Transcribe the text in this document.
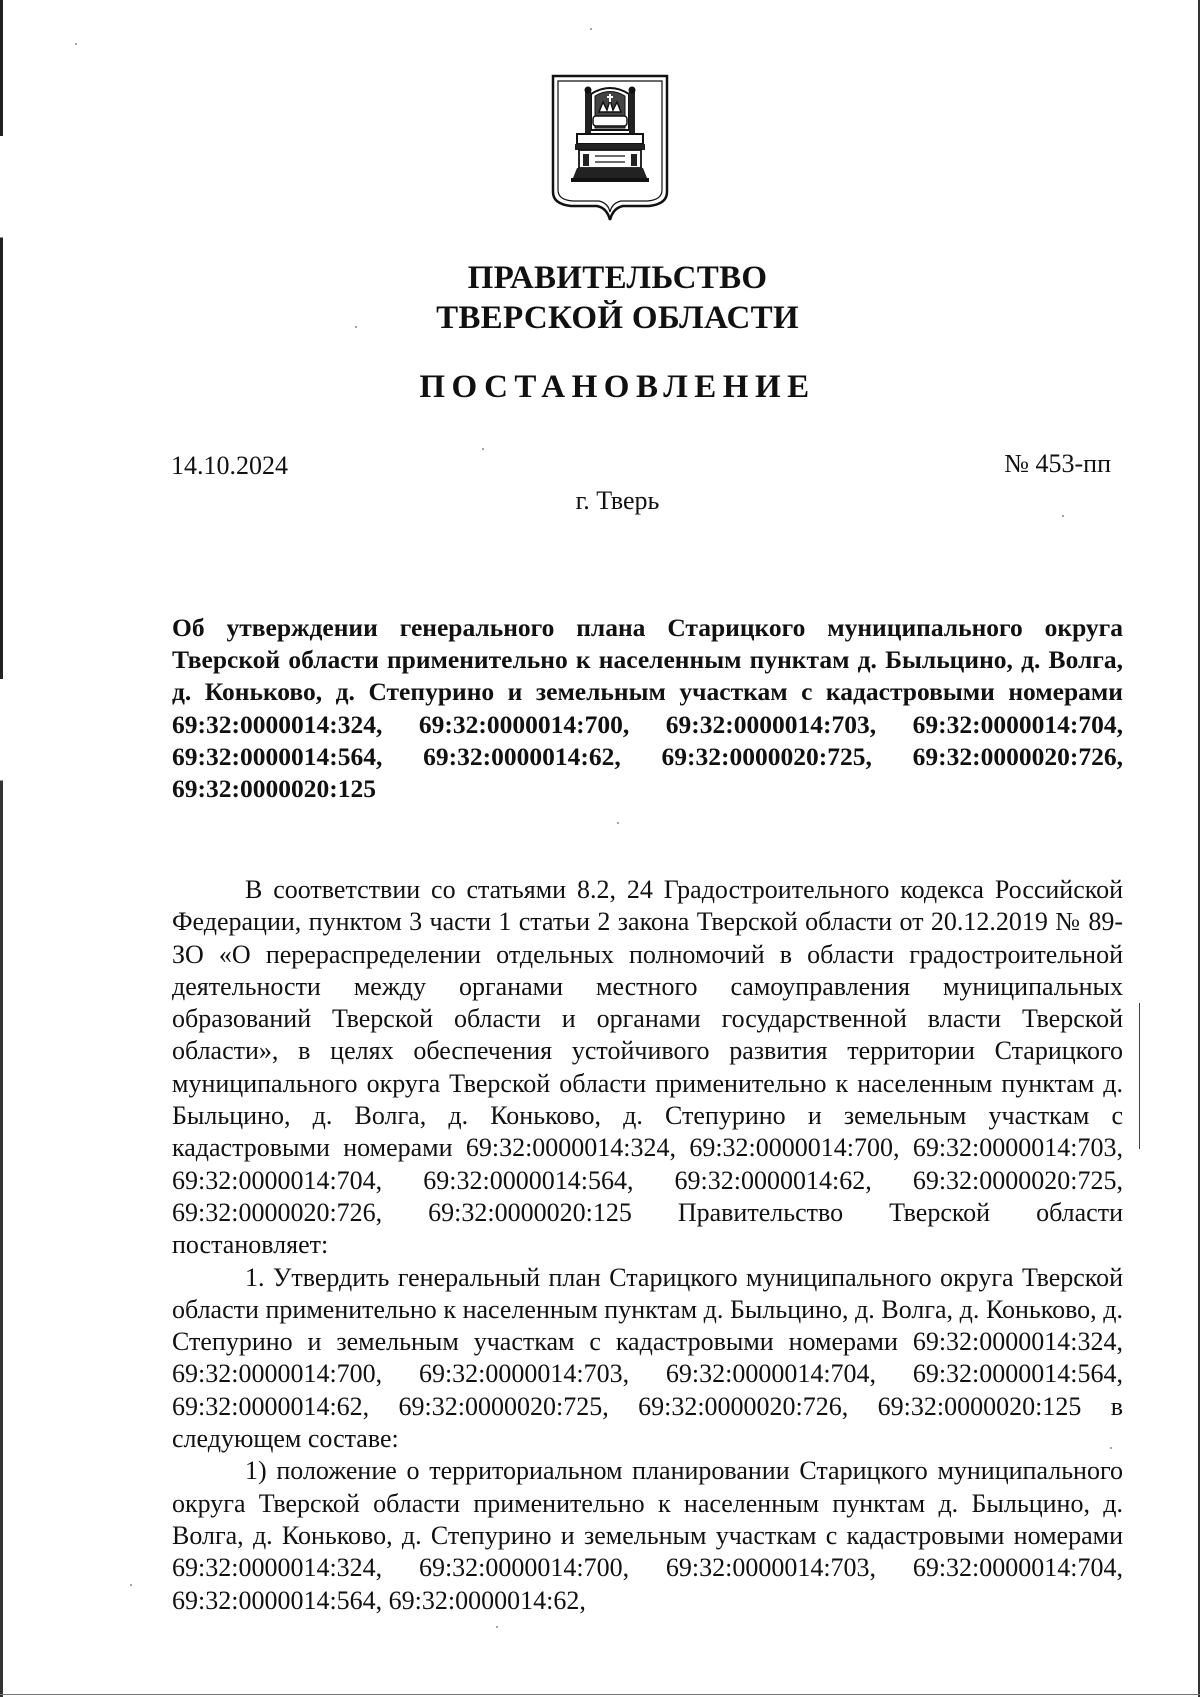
ПРАВИТЕЛЬСТВО
ТВЕРСКОЙ ОБЛАСТИ
ПОСТАНОВЛЕНИЕ
14.10.2024	№ 453-пп
г. Тверь
Об утверждении генерального плана Старицкого муниципального округа Тверской области применительно к населенным пунктам д. Быльцино, д. Волга, д. Коньково, д. Степурино и земельным участкам с кадастровыми номерами 69:32:0000014:324, 69:32:0000014:700, 69:32:0000014:703, 69:32:0000014:704, 69:32:0000014:564, 69:32:0000014:62, 69:32:0000020:725, 69:32:0000020:726, 69:32:0000020:125

В соответствии со статьями 8.2, 24 Градостроительного кодекса Российской Федерации, пунктом 3 части 1 статьи 2 закона Тверской области от 20.12.2019 № 89-ЗО «О перераспределении отдельных полномочий в области градостроительной деятельности между органами местного самоуправления муниципальных образований Тверской области и органами государственной власти Тверской области», в целях обеспечения устойчивого развития территории Старицкого муниципального округа Тверской области применительно к населенным пунктам д. Быльцино, д. Волга, д. Коньково, д. Степурино и земельным участкам с кадастровыми номерами 69:32:0000014:324, 69:32:0000014:700, 69:32:0000014:703, 69:32:0000014:704, 69:32:0000014:564, 69:32:0000014:62, 69:32:0000020:725, 69:32:0000020:726, 69:32:0000020:125 Правительство Тверской области постановляет:

1. Утвердить генеральный план Старицкого муниципального округа Тверской области применительно к населенным пунктам д. Быльцино, д. Волга, д. Коньково, д. Степурино и земельным участкам с кадастровыми номерами 69:32:0000014:324, 69:32:0000014:700, 69:32:0000014:703, 69:32:0000014:704, 69:32:0000014:564, 69:32:0000014:62, 69:32:0000020:725, 69:32:0000020:726, 69:32:0000020:125 в следующем составе:

1) положение о территориальном планировании Старицкого муниципального округа Тверской области применительно к населенным пунктам д. Быльцино, д. Волга, д. Коньково, д. Степурино и земельным участкам с кадастровыми номерами 69:32:0000014:324, 69:32:0000014:700, 69:32:0000014:703, 69:32:0000014:704, 69:32:0000014:564, 69:32:0000014:62,
